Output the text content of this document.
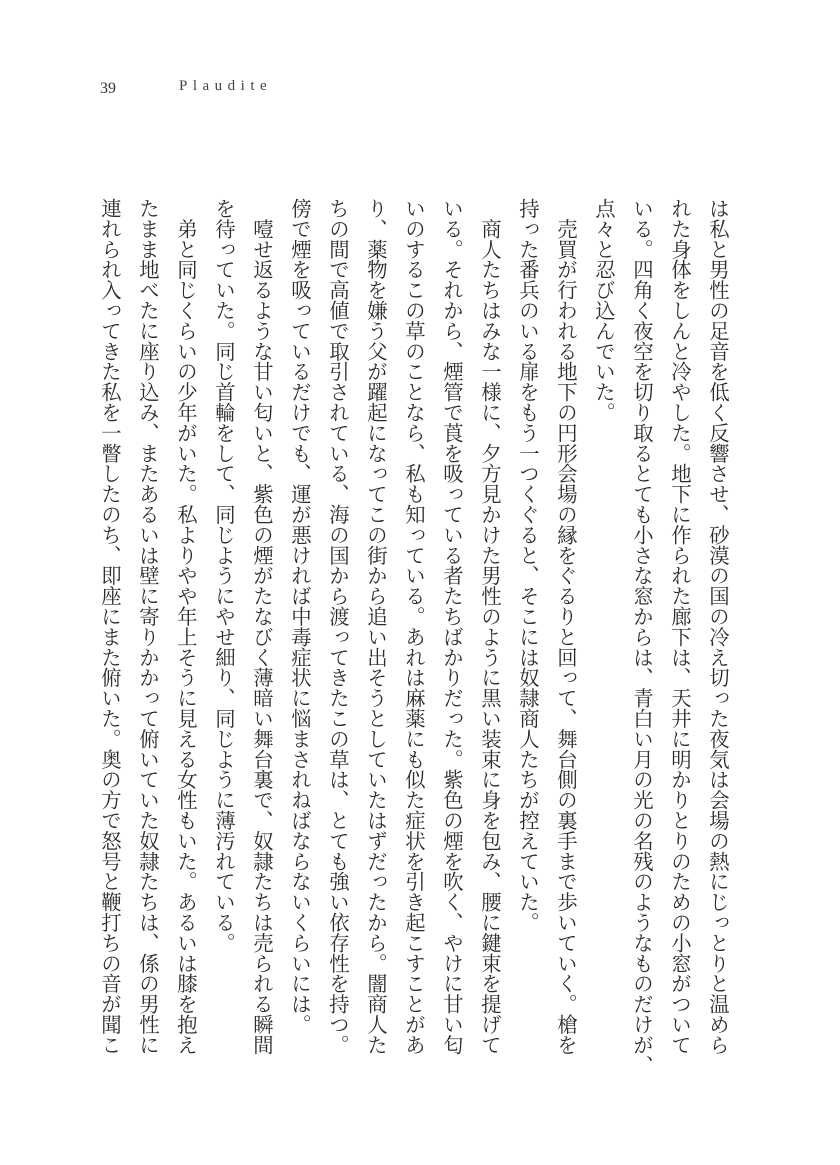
39	Plaudite
は私と男性の足音を低く反響させ、砂漠の国の冷え切った夜気は会場の熱にじっとりと温めら
れた身体をしんと冷やした。地下に作られた廊下は、天井に明かりとりのための小窓がついて
いる。四角く夜空を切り取るとても小さな窓からは、青白い月の光の名残のようなものだけが、
点々と忍び込んでいた。
　売買が行われる地下の円形会場の縁をぐるりと回って、舞台側の裏手まで歩いていく。槍を
持った番兵のいる扉をもう一つくぐると、そこには奴隷商人たちが控えていた。
　商人たちはみな一様に、夕方見かけた男性のように黒い装束に身を包み、腰に鍵束を提げて
いる。それから、煙管で莨を吸っている者たちばかりだった。紫色の煙を吹く、やけに甘い匂
いのするこの草のことなら、私も知っている。あれは麻薬にも似た症状を引き起こすことがあ
り、薬物を嫌う父が躍起になってこの街から追い出そうとしていたはずだったから。闇商人た
ちの間で高値で取引されている、海の国から渡ってきたこの草は、とても強い依存性を持つ。
傍で煙を吸っているだけでも、運が悪ければ中毒症状に悩まされねばならないくらいには。
　噎せ返るような甘い匂いと、紫色の煙がたなびく薄暗い舞台裏で、奴隷たちは売られる瞬間
を待っていた。同じ首輪をして、同じようにやせ細り、同じように薄汚れている。
　弟と同じくらいの少年がいた。私よりやや年上そうに見える女性もいた。あるいは膝を抱え
たまま地べたに座り込み、またあるいは壁に寄りかかって俯いていた奴隷たちは、係の男性に
連れられ入ってきた私を一瞥したのち、即座にまた俯いた。奥の方で怒号と鞭打ちの音が聞こ
